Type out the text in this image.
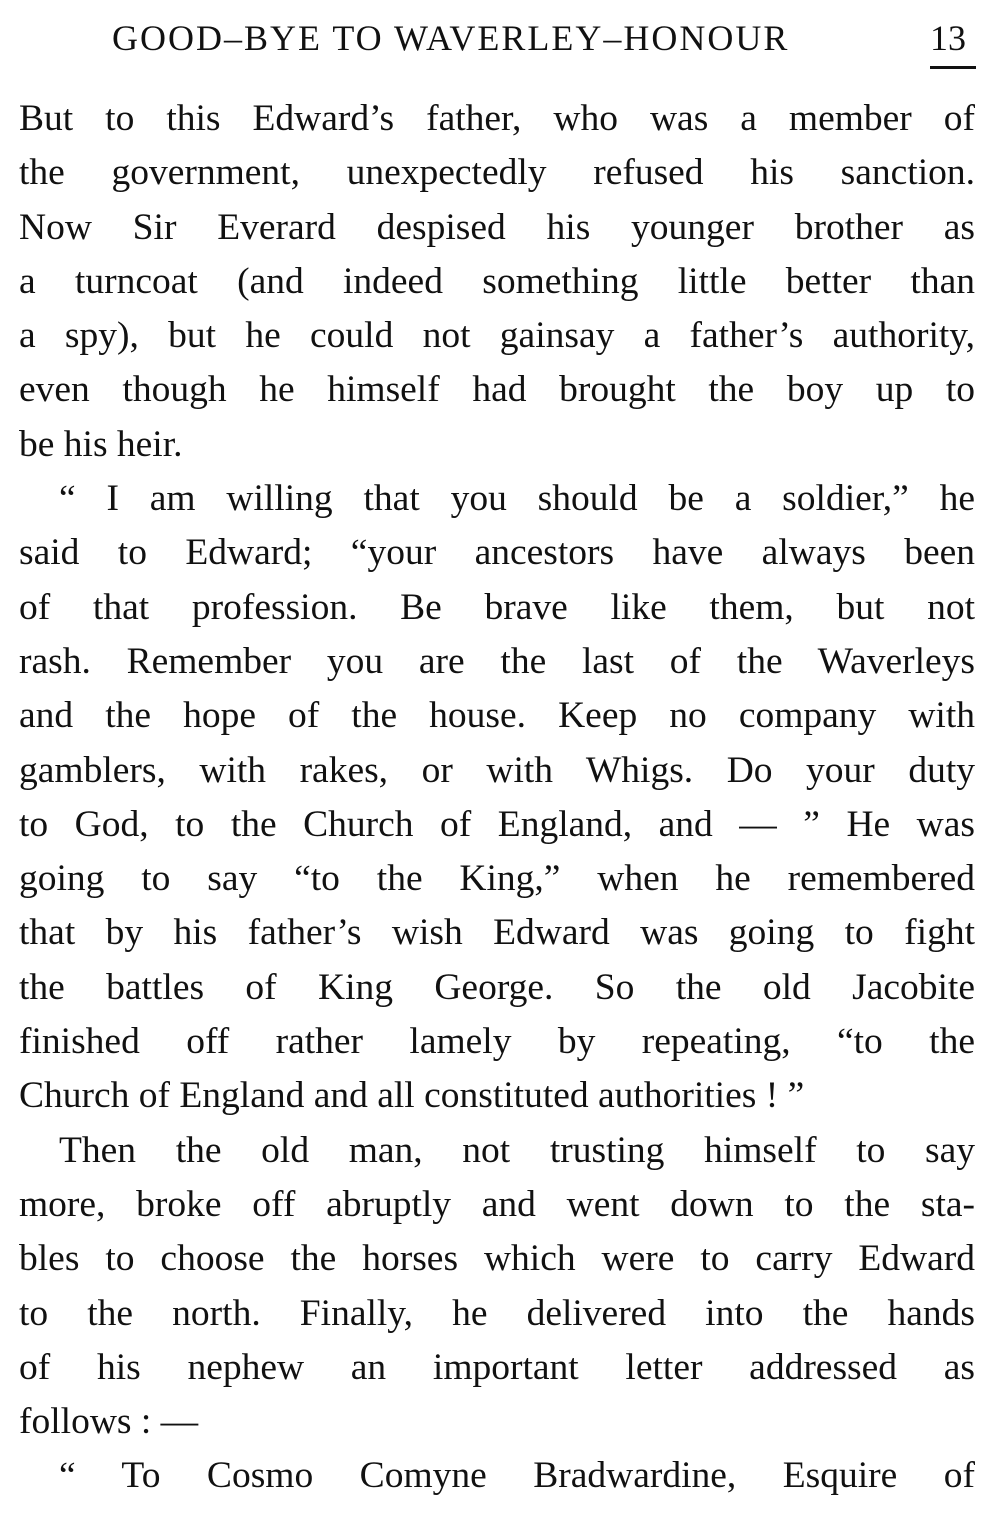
GOOD–BYE TO WAVERLEY–HONOUR	13
But to this Edward’s father, who was a member of
the government, unexpectedly refused his sanction.
Now Sir Everard despised his younger brother as
a turncoat (and indeed something little better than
a spy), but he could not gainsay a father’s authority,
even though he himself had brought the boy up to
be his heir.
“ I am willing that you should be a soldier,” he
said to Edward; “your ancestors have always been
of that profession. Be brave like them, but not
rash. Remember you are the last of the Waverleys
and the hope of the house. Keep no company with
gamblers, with rakes, or with Whigs. Do your duty
to God, to the Church of England, and — ” He was
going to say “to the King,” when he remembered
that by his father’s wish Edward was going to fight
the battles of King George. So the old Jacobite
finished off rather lamely by repeating, “to the
Church of England and all constituted authorities ! ”
Then the old man, not trusting himself to say
more, broke off abruptly and went down to the sta-
bles to choose the horses which were to carry Edward
to the north. Finally, he delivered into the hands
of his nephew an important letter addressed as
follows : —
“ To Cosmo Comyne Bradwardine, Esquire of
